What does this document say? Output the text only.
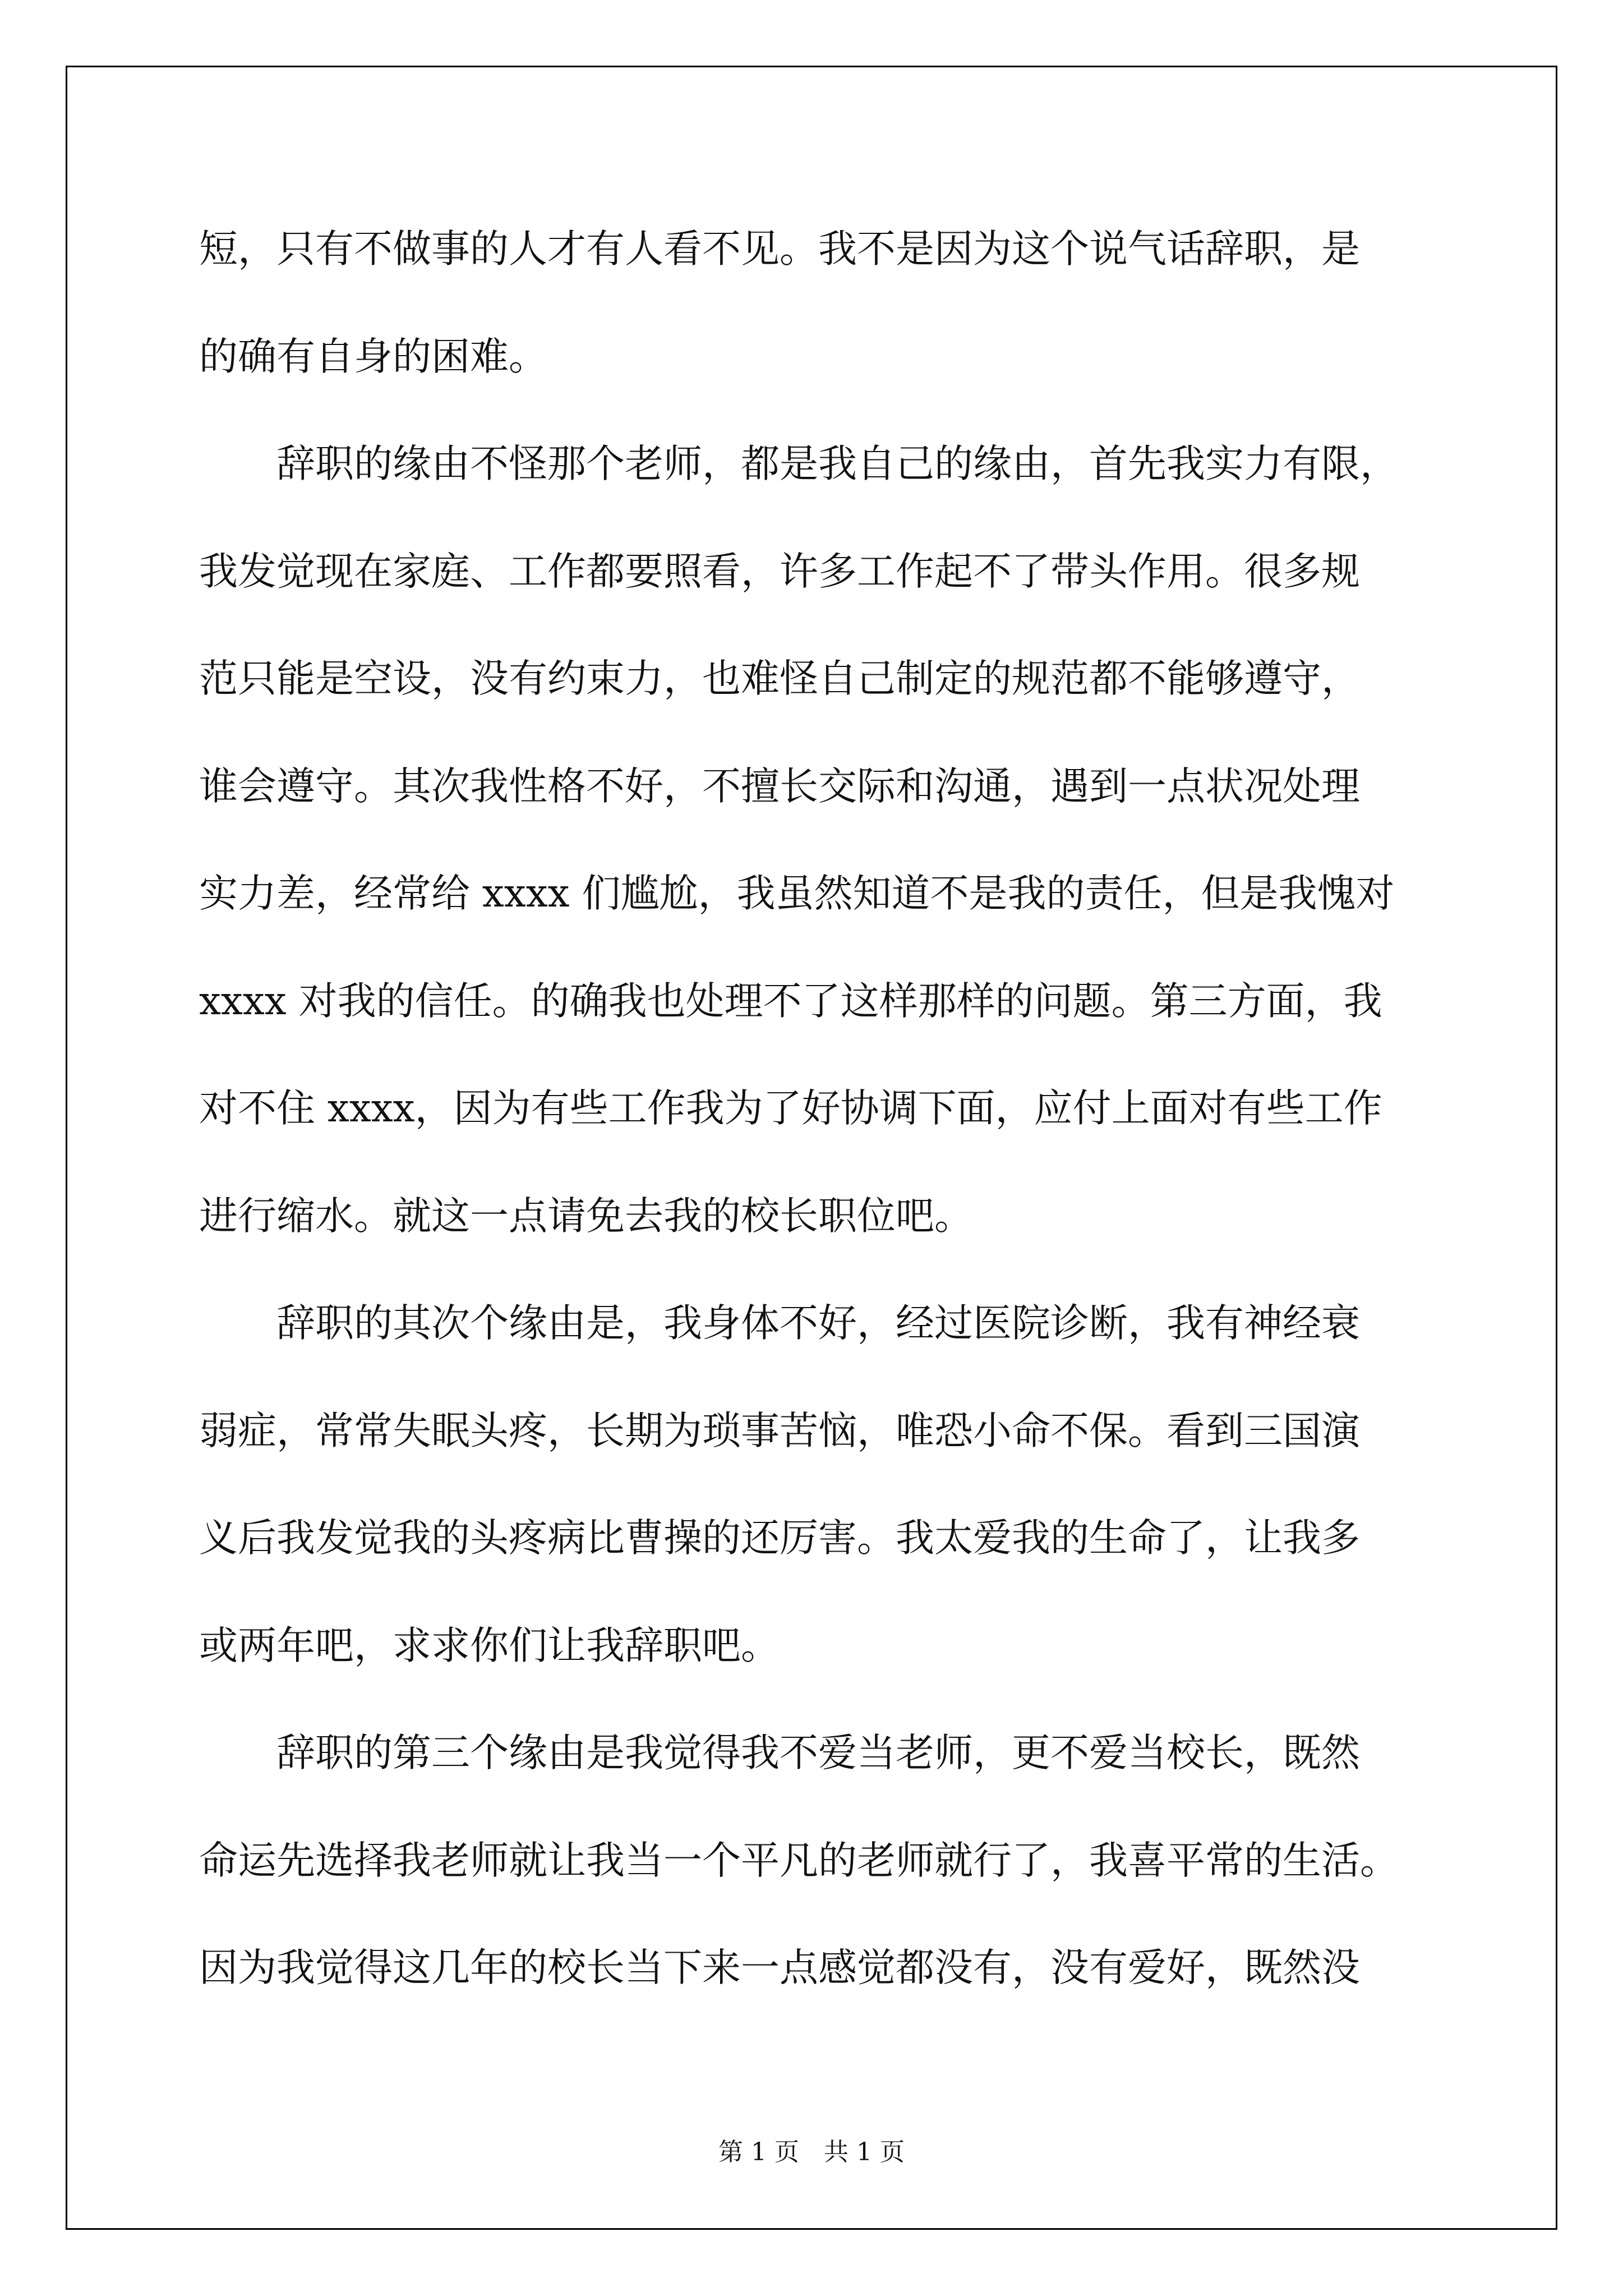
短，只有不做事的人才有人看不见。我不是因为这个说气话辞职，是
的确有自身的困难。
　　辞职的缘由不怪那个老师，都是我自己的缘由，首先我实力有限，
我发觉现在家庭、工作都要照看，许多工作起不了带头作用。很多规
范只能是空设，没有约束力，也难怪自己制定的规范都不能够遵守，
谁会遵守。其次我性格不好，不擅长交际和沟通，遇到一点状况处理
实力差，经常给 xxxx 们尴尬，我虽然知道不是我的责任，但是我愧对
xxxx 对我的信任。的确我也处理不了这样那样的问题。第三方面，我
对不住 xxxx，因为有些工作我为了好协调下面，应付上面对有些工作
进行缩水。就这一点请免去我的校长职位吧。
　　辞职的其次个缘由是，我身体不好，经过医院诊断，我有神经衰
弱症，常常失眠头疼，长期为琐事苦恼，唯恐小命不保。看到三国演
义后我发觉我的头疼病比曹操的还厉害。我太爱我的生命了，让我多
或两年吧，求求你们让我辞职吧。
　　辞职的第三个缘由是我觉得我不爱当老师，更不爱当校长，既然
命运先选择我老师就让我当一个平凡的老师就行了，我喜平常的生活。
因为我觉得这几年的校长当下来一点感觉都没有，没有爱好，既然没
第 1 页　共 1 页
